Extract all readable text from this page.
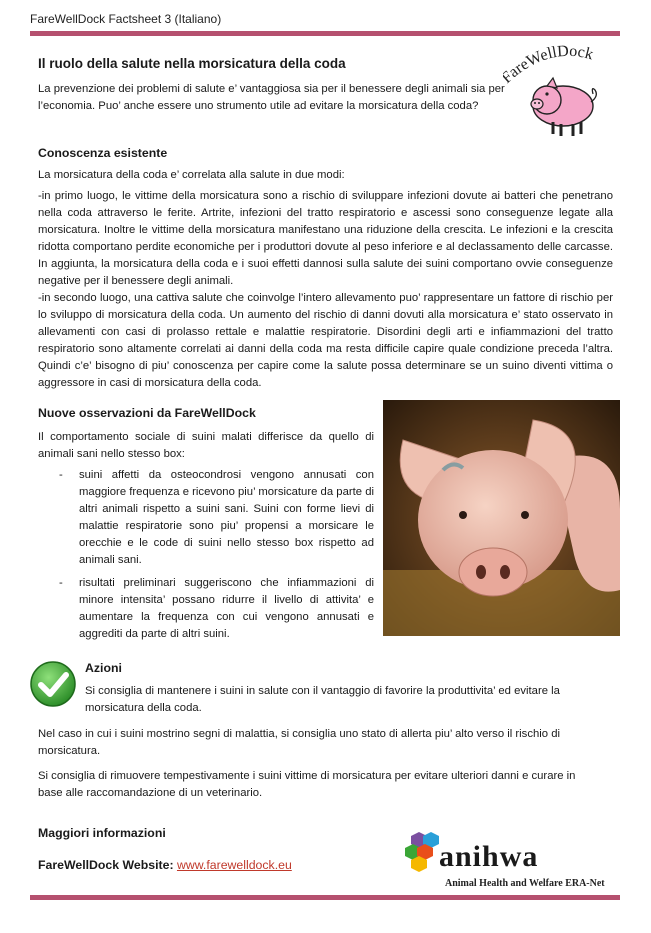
FareWellDock Factsheet 3 (Italiano)
areWellDock
Il ruolo della salute nella morsicatura della coda
La prevenzione dei problemi di salute e’ vantaggiosa sia per il benessere degli animali sia per l’economia. Puo’ anche essere uno strumento utile ad evitare la morsicatura della coda?
Conoscenza esistente
La morsicatura della coda e’ correlata alla salute in due modi:
-in primo luogo, le vittime della morsicatura sono a rischio di sviluppare infezioni dovute ai batteri che penetrano nella coda attraverso le ferite. Artrite, infezioni del tratto respiratorio e ascessi sono conseguenze legate alla morsicatura. Inoltre le vittime della morsicatura manifestano una riduzione della crescita. Le infezioni e la crescita ridotta comportano perdite economiche per i produttori dovute al peso inferiore e al declassamento delle carcasse. In aggiunta, la morsicatura della coda e i suoi effetti dannosi sulla salute dei suini comportano ovvie conseguenze negative per il benessere degli animali.
-in secondo luogo, una cattiva salute che coinvolge l’intero allevamento puo’ rappresentare un fattore di rischio per lo sviluppo di morsicatura della coda. Un aumento del rischio di danni dovuti alla morsicatura e’ stato osservato in allevamenti con casi di prolasso rettale e malattie respiratorie. Disordini degli arti e infiammazioni del tratto respiratorio sono altamente correlati ai danni della coda ma resta difficile capire quale condizione preceda l’altra. Quindi c’e’ bisogno di piu’ conoscenza per capire come la salute possa determinare se un suino diventi vittima o aggressore in casi di morsicatura della coda.
Nuove osservazioni da FareWellDock
Il comportamento sociale di suini malati differisce da quello di animali sani nello stesso box:
- suini affetti da osteocondrosi vengono annusati con maggiore frequenza e ricevono piu’ morsicature da parte di altri animali rispetto a suini sani. Suini con forme lievi di malattie respiratorie sono piu’ propensi a morsicare le orecchie e le code di suini nello stesso box rispetto ad animali sani.
- risultati preliminari suggeriscono che infiammazioni di minore intensita’ possano ridurre il livello di attivita’ e aumentare la frequenza con cui vengono annusati e aggrediti da parte di altri suini.
Azioni
Si consiglia di mantenere i suini in salute con il vantaggio di favorire la produttivita’ ed evitare la morsicatura della coda.
Nel caso in cui i suini mostrino segni di malattia, si consiglia uno stato di allerta piu’ alto verso il rischio di morsicatura.
Si consiglia di rimuovere tempestivamente i suini vittime di morsicatura per evitare ulteriori danni e curare in base alle raccomandazione di un veterinario.
Maggiori informazioni
FareWellDock Website: www.farewelldock.eu	anihwa
Animal Health and Welfare ERA-Net
